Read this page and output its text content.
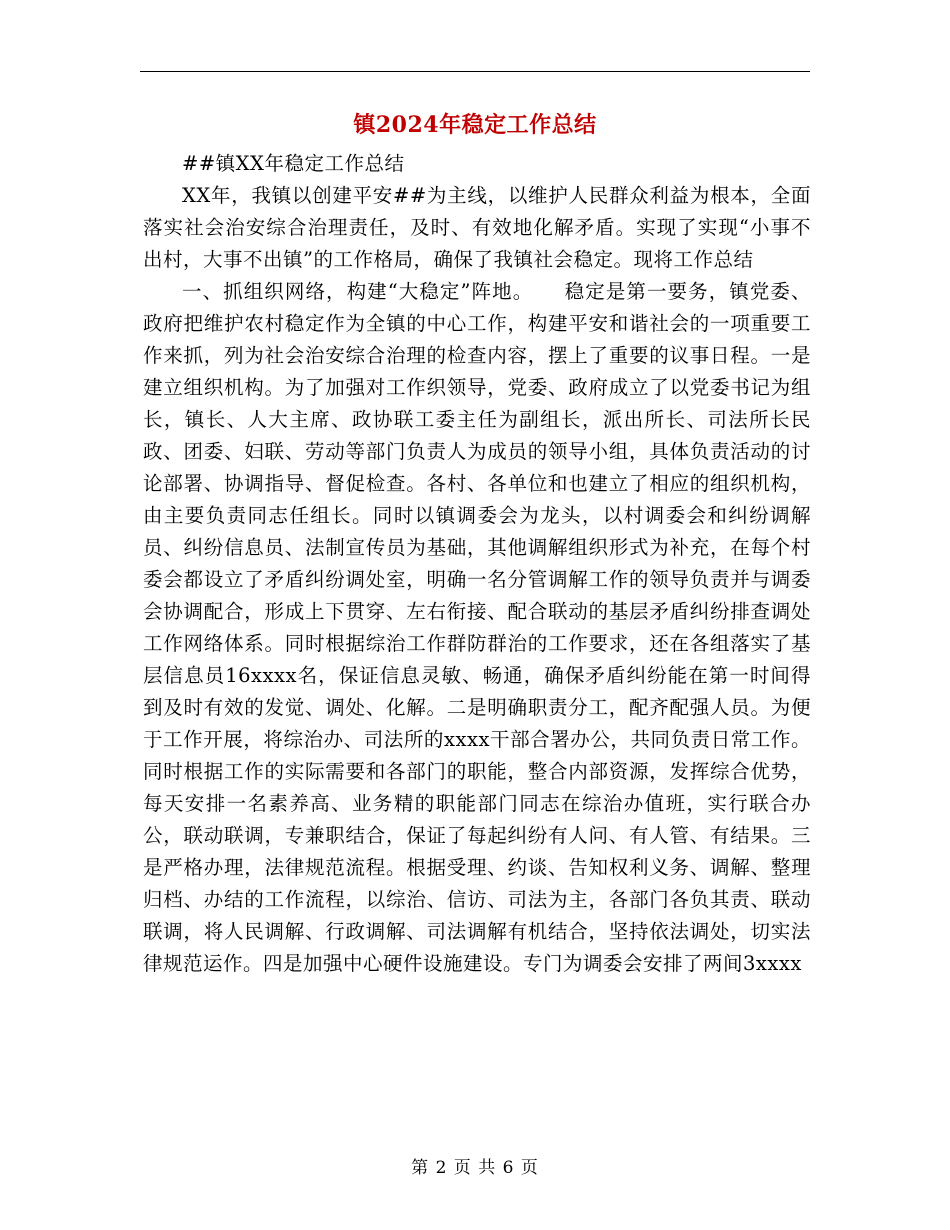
镇2024年稳定工作总结

##镇XX年稳定工作总结

XX年，我镇以创建平安##为主线，以维护人民群众利益为根本，全面落实社会治安综合治理责任，及时、有效地化解矛盾。实现了实现“小事不出村，大事不出镇”的工作格局，确保了我镇社会稳定。现将工作总结

一、抓组织网络，构建“大稳定”阵地。　　稳定是第一要务，镇党委、政府把维护农村稳定作为全镇的中心工作，构建平安和谐社会的一项重要工作来抓，列为社会治安综合治理的检查内容，摆上了重要的议事日程。一是建立组织机构。为了加强对工作织领导，党委、政府成立了以党委书记为组长，镇长、人大主席、政协联工委主任为副组长，派出所长、司法所长民政、团委、妇联、劳动等部门负责人为成员的领导小组，具体负责活动的讨论部署、协调指导、督促检查。各村、各单位和也建立了相应的组织机构，由主要负责同志任组长。同时以镇调委会为龙头，以村调委会和纠纷调解员、纠纷信息员、法制宣传员为基础，其他调解组织形式为补充，在每个村委会都设立了矛盾纠纷调处室，明确一名分管调解工作的领导负责并与调委会协调配合，形成上下贯穿、左右衔接、配合联动的基层矛盾纠纷排查调处工作网络体系。同时根据综治工作群防群治的工作要求，还在各组落实了基层信息员16xxxx名，保证信息灵敏、畅通，确保矛盾纠纷能在第一时间得到及时有效的发觉、调处、化解。二是明确职责分工，配齐配强人员。为便于工作开展，将综治办、司法所的xxxx干部合署办公，共同负责日常工作。同时根据工作的实际需要和各部门的职能，整合内部资源，发挥综合优势，每天安排一名素养高、业务精的职能部门同志在综治办值班，实行联合办公，联动联调，专兼职结合，保证了每起纠纷有人问、有人管、有结果。三是严格办理，法律规范流程。根据受理、约谈、告知权利义务、调解、整理归档、办结的工作流程，以综治、信访、司法为主，各部门各负其责、联动联调，将人民调解、行政调解、司法调解有机结合，坚持依法调处，切实法律规范运作。四是加强中心硬件设施建设。专门为调委会安排了两间3xxxx

第 2 页 共 6 页
